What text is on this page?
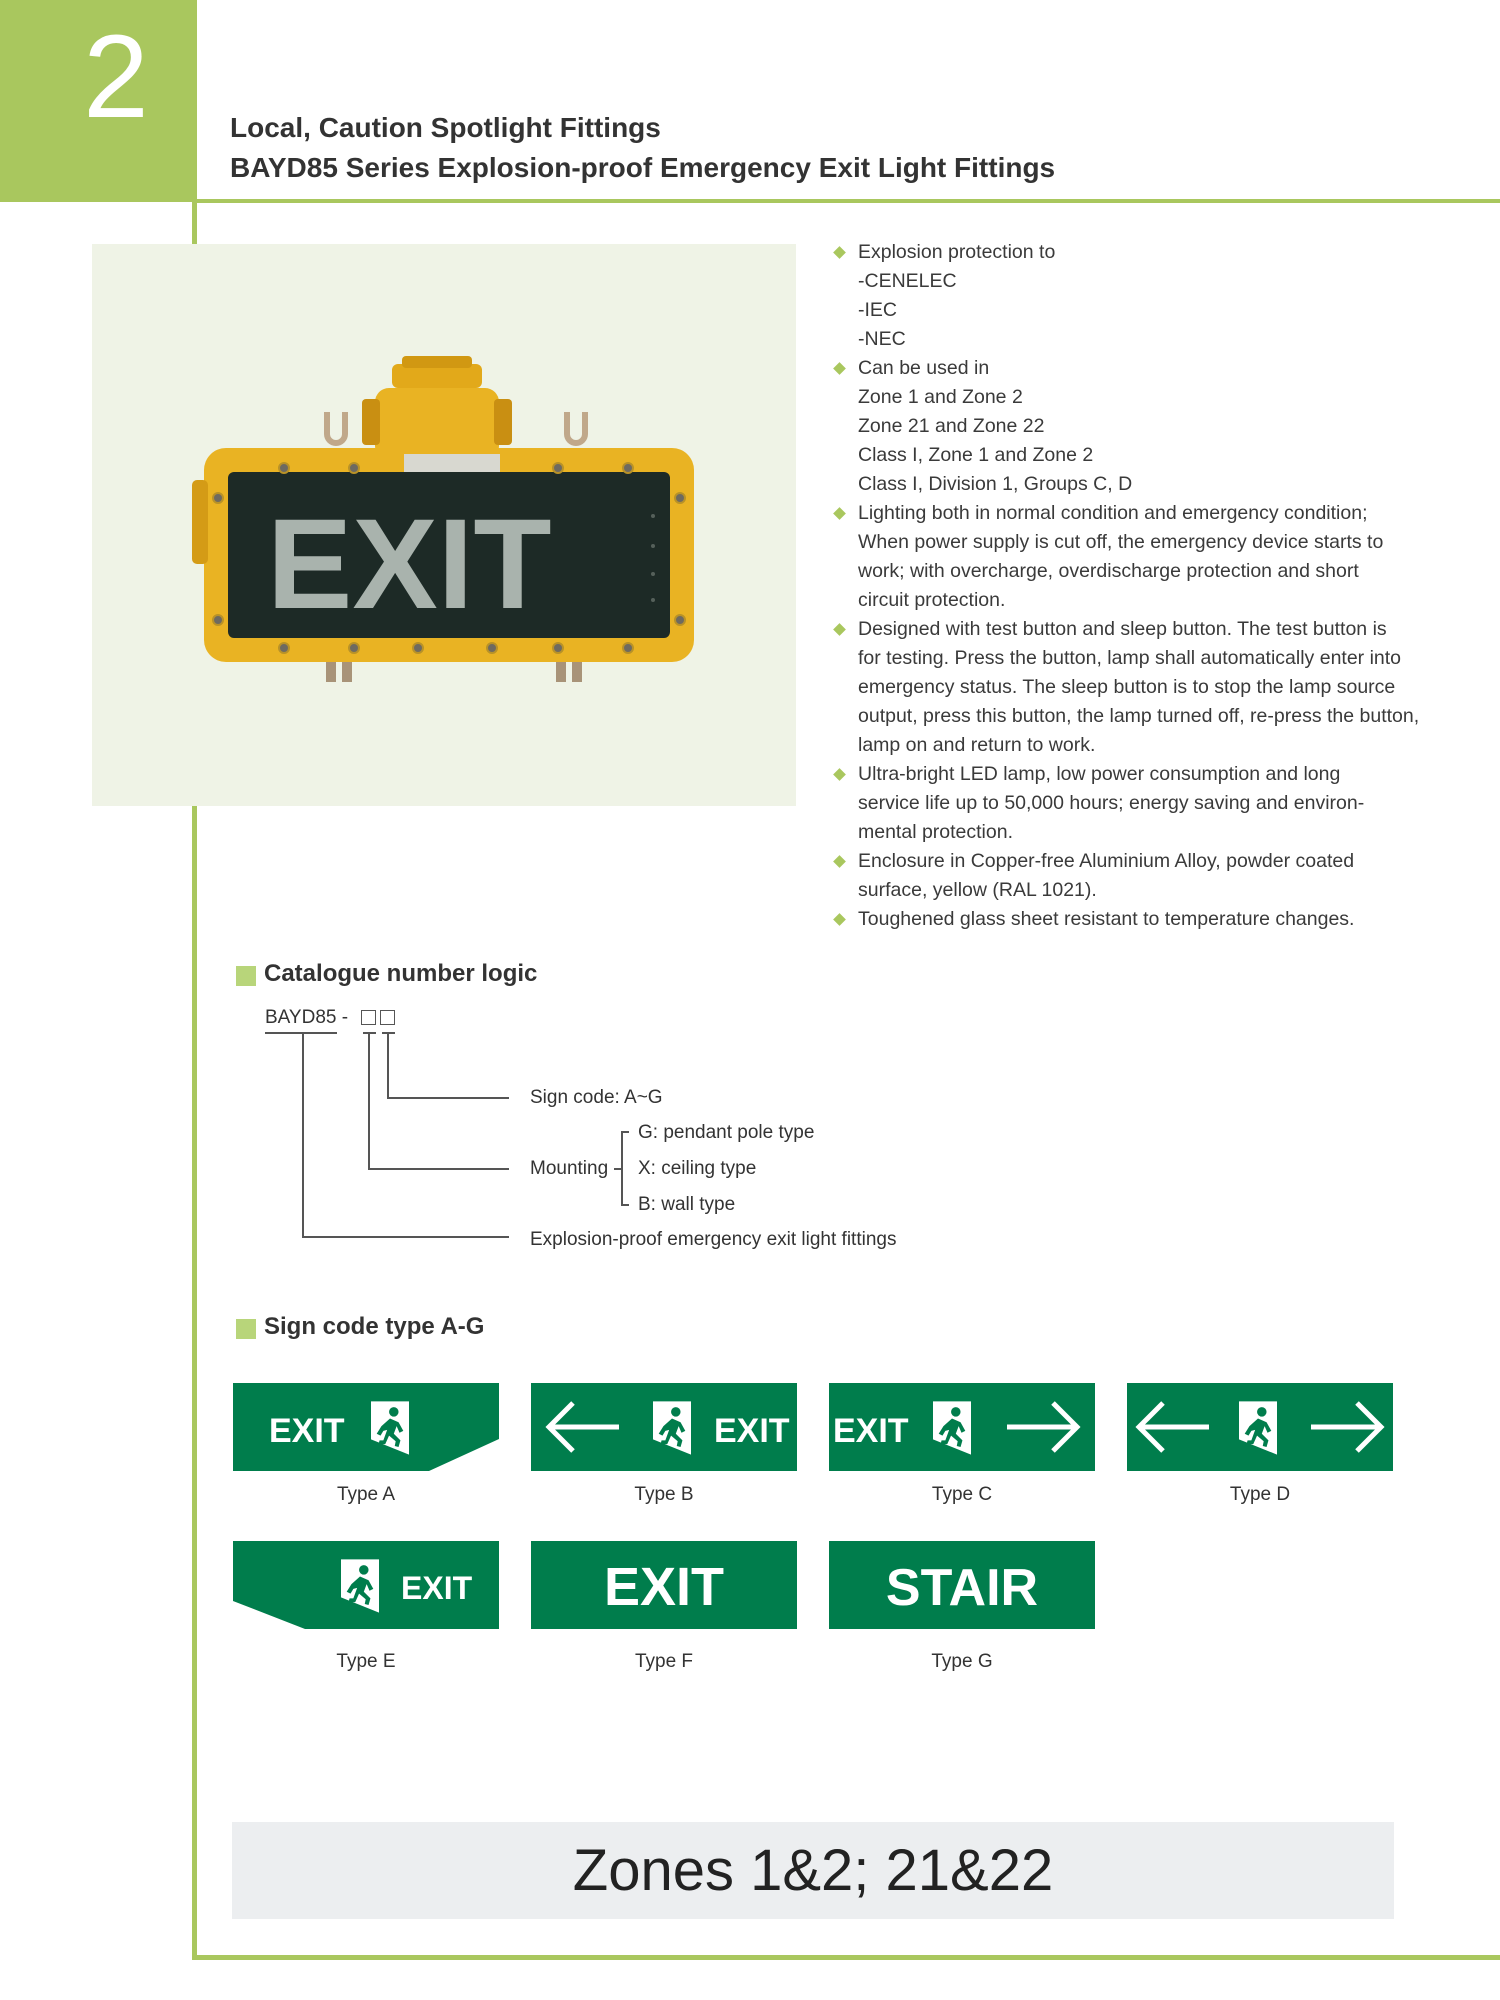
2	Local, Caution Spotlight Fittings
BAYD85 Series Explosion-proof Emergency Exit Light Fittings
EXIT
Explosion protection to
-CENELEC
-IEC
-NEC
Can be used in
Zone 1 and Zone 2
Zone 21 and Zone 22
Class I, Zone 1 and Zone 2
Class I, Division 1, Groups C, D
Lighting both in normal condition and emergency condition;
When power supply is cut off, the emergency device starts to
work; with overcharge, overdischarge protection and short
circuit protection.
Designed with test button and sleep button. The test button is
for testing. Press the button, lamp shall automatically enter into
emergency status. The sleep button is to stop the lamp source
output, press this button, the lamp turned off, re-press the button,
lamp on and return to work.
Ultra-bright LED lamp, low power consumption and long
service life up to 50,000 hours; energy saving and environ-
mental protection.
Enclosure in Copper-free Aluminium Alloy, powder coated
surface, yellow (RAL 1021).
Toughened glass sheet resistant to temperature changes.
Catalogue number logic
BAYD85 -
Sign code: A~G
Mounting
G: pendant pole type
X: ceiling type
B: wall type
Explosion-proof emergency exit light fittings
Sign code type A-G
EXIT
Type A
EXIT
Type B
EXIT
Type C	Type D
EXIT
Type E
EXIT
Type F
STAIR
Type G
Zones 1&2; 21&22
